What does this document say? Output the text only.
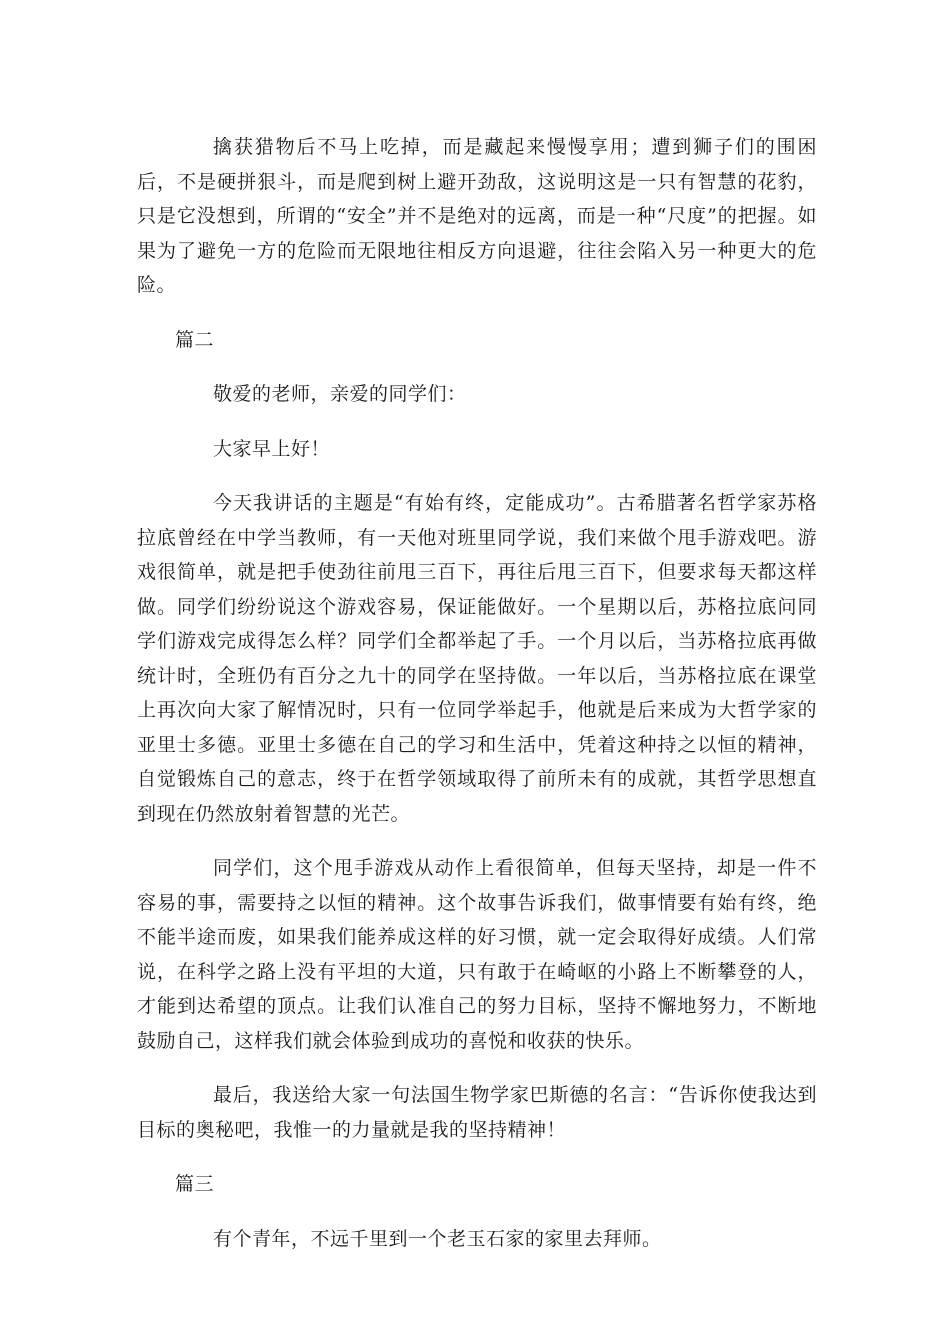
擒获猎物后不马上吃掉，而是藏起来慢慢享用；遭到狮子们的围困后，不是硬拼狠斗，而是爬到树上避开劲敌，这说明这是一只有智慧的花豹，只是它没想到，所谓的“安全”并不是绝对的远离，而是一种“尺度”的把握。如果为了避免一方的危险而无限地往相反方向退避，往往会陷入另一种更大的危险。

篇二

敬爱的老师，亲爱的同学们：

大家早上好！

今天我讲话的主题是“有始有终，定能成功”。古希腊著名哲学家苏格拉底曾经在中学当教师，有一天他对班里同学说，我们来做个甩手游戏吧。游戏很简单，就是把手使劲往前甩三百下，再往后甩三百下，但要求每天都这样做。同学们纷纷说这个游戏容易，保证能做好。一个星期以后，苏格拉底问同学们游戏完成得怎么样？同学们全都举起了手。一个月以后，当苏格拉底再做统计时，全班仍有百分之九十的同学在坚持做。一年以后，当苏格拉底在课堂上再次向大家了解情况时，只有一位同学举起手，他就是后来成为大哲学家的亚里士多德。亚里士多德在自己的学习和生活中，凭着这种持之以恒的精神，自觉锻炼自己的意志，终于在哲学领域取得了前所未有的成就，其哲学思想直到现在仍然放射着智慧的光芒。

同学们，这个甩手游戏从动作上看很简单，但每天坚持，却是一件不容易的事，需要持之以恒的精神。这个故事告诉我们，做事情要有始有终，绝不能半途而废，如果我们能养成这样的好习惯，就一定会取得好成绩。人们常说，在科学之路上没有平坦的大道，只有敢于在崎岖的小路上不断攀登的人，才能到达希望的顶点。让我们认准自己的努力目标，坚持不懈地努力，不断地鼓励自己，这样我们就会体验到成功的喜悦和收获的快乐。

最后，我送给大家一句法国生物学家巴斯德的名言：“告诉你使我达到目标的奥秘吧，我惟一的力量就是我的坚持精神！

篇三

有个青年，不远千里到一个老玉石家的家里去拜师。
